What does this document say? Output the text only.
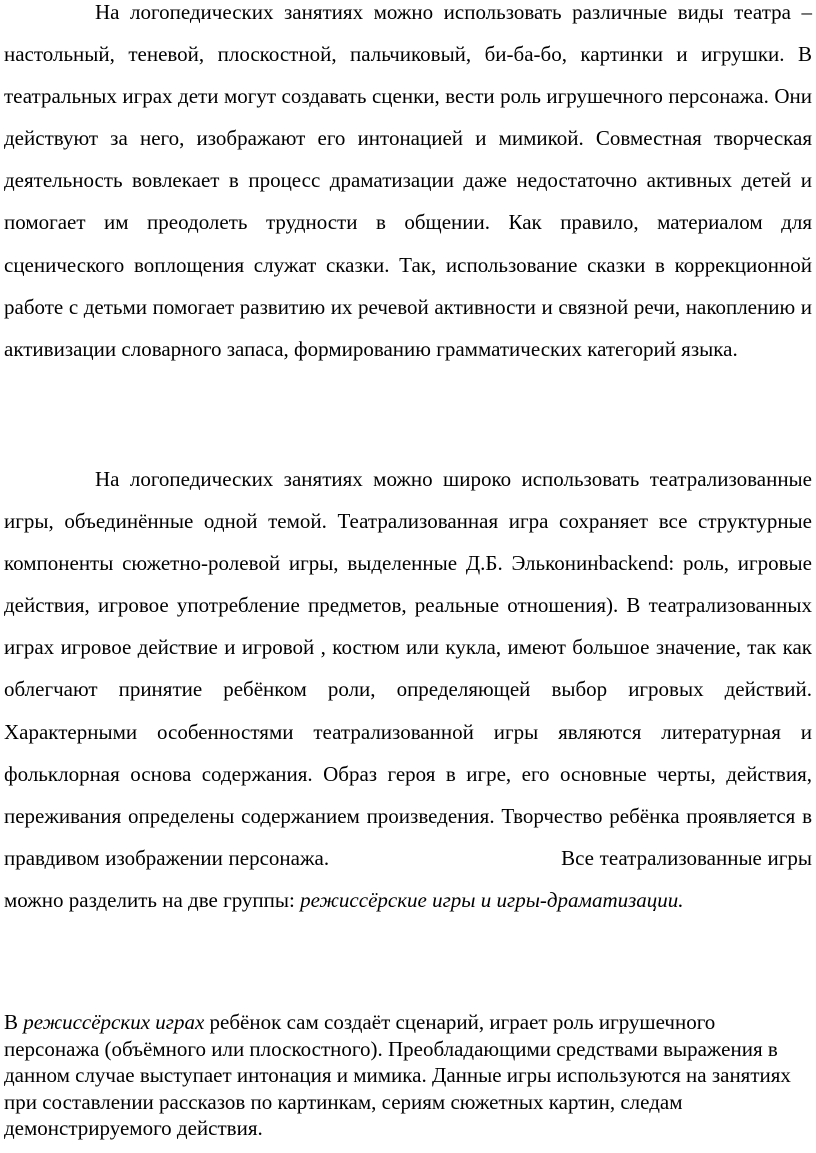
На логопедических занятиях можно использовать различные виды театра – настольный, теневой, плоскостной, пальчиковый, би-ба-бо, картинки и игрушки. В театральных играх дети могут создавать сценки, вести роль игрушечного персонажа. Они действуют за него, изображают его интонацией и мимикой. Совместная творческая деятельность вовлекает в процесс драматизации даже недостаточно активных детей и помогает им преодолеть трудности в общении. Как правило, материалом для сценического воплощения служат сказки. Так, использование сказки в коррекционной работе с детьми помогает развитию их речевой активности и связной речи, накоплению и активизации словарного запаса, формированию грамматических категорий языка.

На логопедических занятиях можно широко использовать театрализованные игры, объединённые одной темой. Театрализованная игра сохраняет все структурные компоненты сюжетно-ролевой игры, выделенные Д.Б. Эльконинbackend: роль, игровые действия, игровое употребление предметов, реальные отношения). В театрализованных играх игровое действие и игровой , костюм или кукла, имеют большое значение, так как облегчают принятие ребёнком роли, определяющей выбор игровых действий. Характерными особенностями театрализованной игры являются литературная и фольклорная основа содержания. Образ героя в игре, его основные черты, действия, переживания определены содержанием произведения. Творчество ребёнка проявляется в правдивом изображении персонажа.	Все театрализованные игры можно разделить на две группы: режиссёрские игры и игры-драматизации.

В режиссёрских играх ребёнок сам создаёт сценарий, играет роль игрушечного персонажа (объёмного или плоскостного). Преобладающими средствами выражения в данном случае выступает интонация и мимика. Данные игры используются на занятиях при составлении рассказов по картинкам, сериям сюжетных картин, следам демонстрируемого действия.
